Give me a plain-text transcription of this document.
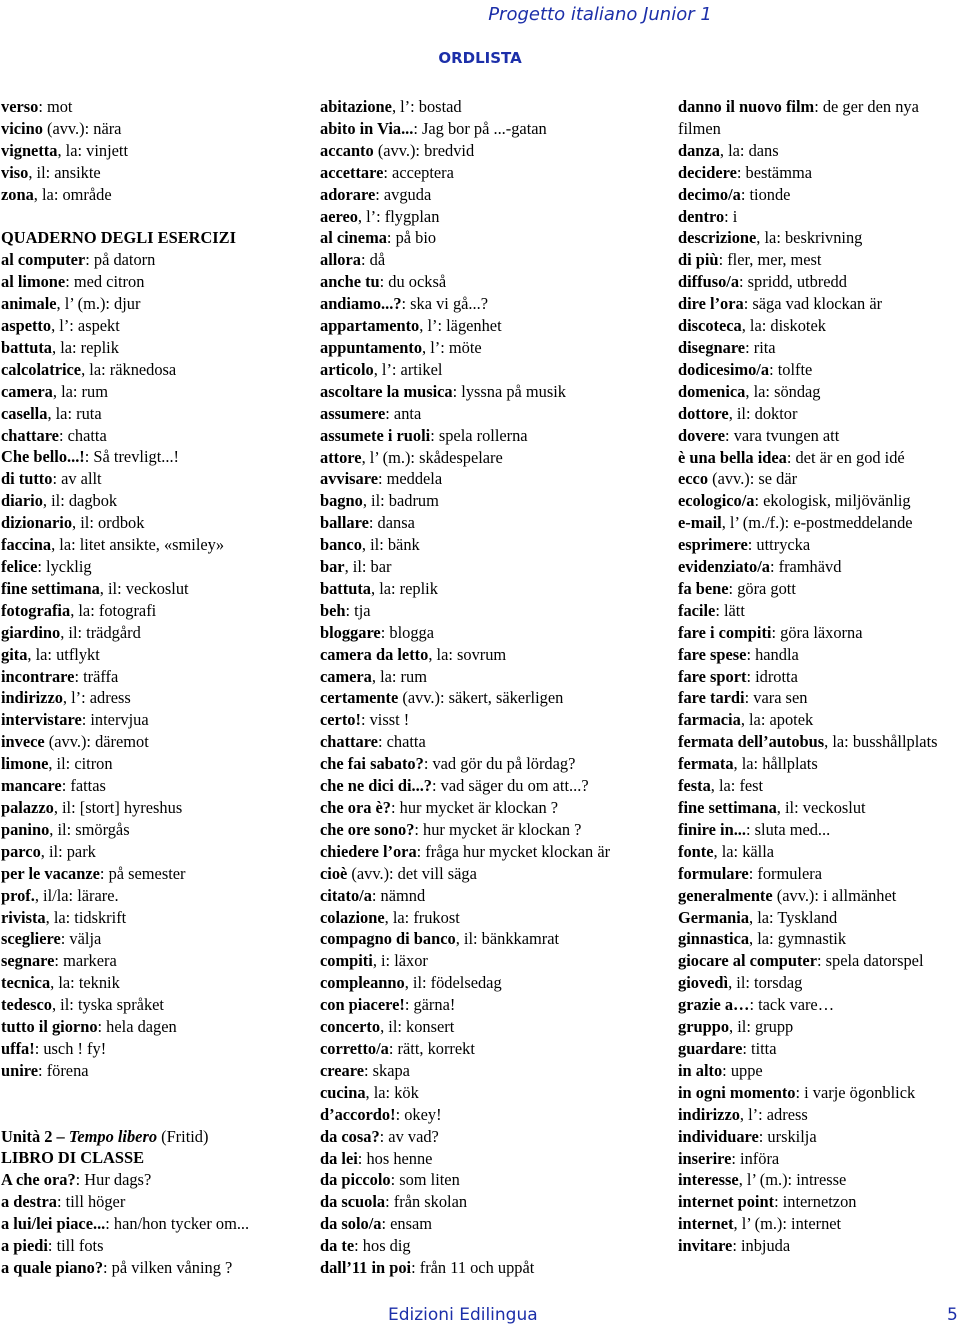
Progetto italiano Junior 1
ORDLISTA
verso: mot
vicino (avv.): nära
vignetta, la: vinjett
viso, il: ansikte
zona, la: område
QUADERNO DEGLI ESERCIZI
al computer: på datorn
al limone: med citron
animale, l’ (m.): djur
aspetto, l’: aspekt
battuta, la: replik
calcolatrice, la: räknedosa
camera, la: rum
casella, la: ruta
chattare: chatta
Che bello...!: Så trevligt...!
di tutto: av allt
diario, il: dagbok
dizionario, il: ordbok
faccina, la: litet ansikte, «smiley»
felice: lycklig
fine settimana, il: veckoslut
fotografia, la: fotografi
giardino, il: trädgård
gita, la: utflykt
incontrare: träffa
indirizzo, l’: adress
intervistare: intervjua
invece (avv.): däremot
limone, il: citron
mancare: fattas
palazzo, il: [stort] hyreshus
panino, il: smörgås
parco, il: park
per le vacanze: på semester
prof., il/la: lärare.
rivista, la: tidskrift
scegliere: välja
segnare: markera
tecnica, la: teknik
tedesco, il: tyska språket
tutto il giorno: hela dagen
uffa!: usch ! fy!
unire: förena
Unità 2 – Tempo libero (Fritid)
LIBRO DI CLASSE
A che ora?: Hur dags?
a destra: till höger
a lui/lei piace...: han/hon tycker om...
a piedi: till fots
a quale piano?: på vilken våning ?
abitazione, l’: bostad
abito in Via...: Jag bor på ...-gatan
accanto (avv.): bredvid
accettare: acceptera
adorare: avguda
aereo, l’: flygplan
al cinema: på bio
allora: då
anche tu: du också
andiamo...?: ska vi gå...?
appartamento, l’: lägenhet
appuntamento, l’: möte
articolo, l’: artikel
ascoltare la musica: lyssna på musik
assumere: anta
assumete i ruoli: spela rollerna
attore, l’ (m.): skådespelare
avvisare: meddela
bagno, il: badrum
ballare: dansa
banco, il: bänk
bar, il: bar
battuta, la: replik
beh: tja
bloggare: blogga
camera da letto, la: sovrum
camera, la: rum
certamente (avv.): säkert, säkerligen
certo!: visst !
chattare: chatta
che fai sabato?: vad gör du på lördag?
che ne dici di...?: vad säger du om att...?
che ora è?: hur mycket är klockan ?
che ore sono?: hur mycket är klockan ?
chiedere l’ora: fråga hur mycket klockan är
cioè (avv.): det vill säga
citato/a: nämnd
colazione, la: frukost
compagno di banco, il: bänkkamrat
compiti, i: läxor
compleanno, il: födelsedag
con piacere!: gärna!
concerto, il: konsert
corretto/a: rätt, korrekt
creare: skapa
cucina, la: kök
d’accordo!: okey!
da cosa?: av vad?
da lei: hos henne
da piccolo: som liten
da scuola: från skolan
da solo/a: ensam
da te: hos dig
dall’11 in poi: från 11 och uppåt
danno il nuovo film: de ger den nya filmen
danza, la: dans
decidere: bestämma
decimo/a: tionde
dentro: i
descrizione, la: beskrivning
di più: fler, mer, mest
diffuso/a: spridd, utbredd
dire l’ora: säga vad klockan är
discoteca, la: diskotek
disegnare: rita
dodicesimo/a: tolfte
domenica, la: söndag
dottore, il: doktor
dovere: vara tvungen att
è una bella idea: det är en god idé
ecco (avv.): se där
ecologico/a: ekologisk, miljövänlig
e-mail, l’ (m./f.): e-postmeddelande
esprimere: uttrycka
evidenziato/a: framhävd
fa bene: göra gott
facile: lätt
fare i compiti: göra läxorna
fare spese: handla
fare sport: idrotta
fare tardi: vara sen
farmacia, la: apotek
fermata dell’autobus, la: busshållplats
fermata, la: hållplats
festa, la: fest
fine settimana, il: veckoslut
finire in...: sluta med...
fonte, la: källa
formulare: formulera
generalmente (avv.): i allmänhet
Germania, la: Tyskland
ginnastica, la: gymnastik
giocare al computer: spela datorspel
giovedì, il: torsdag
grazie a…: tack vare…
gruppo, il: grupp
guardare: titta
in alto: uppe
in ogni momento: i varje ögonblick
indirizzo, l’: adress
individuare: urskilja
inserire: införa
interesse, l’ (m.): intresse
internet point: internetzon
internet, l’ (m.): internet
invitare: inbjuda
Edizioni Edilingua	5
